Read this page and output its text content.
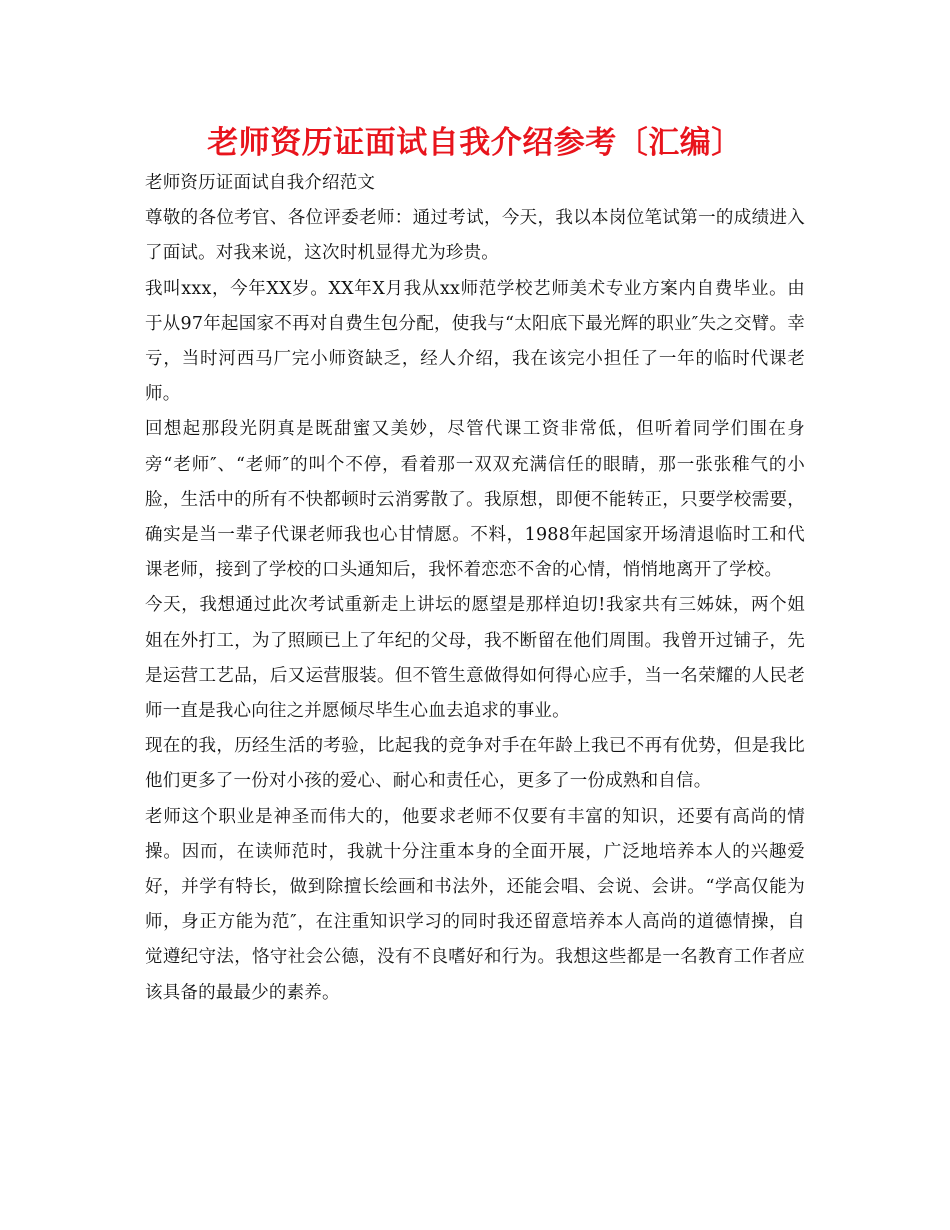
老师资历证面试自我介绍参考〔汇编〕

老师资历证面试自我介绍范文

尊敬的各位考官、各位评委老师：通过考试，今天，我以本岗位笔试第一的成绩进入了面试。对我来说，这次时机显得尤为珍贵。

我叫xxx，今年XX岁。XX年X月我从xx师范学校艺师美术专业方案内自费毕业。由于从97年起国家不再对自费生包分配，使我与“太阳底下最光辉的职业″失之交臂。幸亏，当时河西马厂完小师资缺乏，经人介绍，我在该完小担任了一年的临时代课老师。

回想起那段光阴真是既甜蜜又美妙，尽管代课工资非常低，但听着同学们围在身旁“老师″、“老师″的叫个不停，看着那一双双充满信任的眼睛，那一张张稚气的小脸，生活中的所有不快都顿时云消雾散了。我原想，即便不能转正，只要学校需要，确实是当一辈子代课老师我也心甘情愿。不料，1988年起国家开场清退临时工和代课老师，接到了学校的口头通知后，我怀着恋恋不舍的心情，悄悄地离开了学校。

今天，我想通过此次考试重新走上讲坛的愿望是那样迫切!我家共有三姊妹，两个姐姐在外打工，为了照顾已上了年纪的父母，我不断留在他们周围。我曾开过铺子，先是运营工艺品，后又运营服装。但不管生意做得如何得心应手，当一名荣耀的人民老师一直是我心向往之并愿倾尽毕生心血去追求的事业。

现在的我，历经生活的考验，比起我的竞争对手在年龄上我已不再有优势，但是我比他们更多了一份对小孩的爱心、耐心和责任心，更多了一份成熟和自信。

老师这个职业是神圣而伟大的，他要求老师不仅要有丰富的知识，还要有高尚的情操。因而，在读师范时，我就十分注重本身的全面开展，广泛地培养本人的兴趣爱好，并学有特长，做到除擅长绘画和书法外，还能会唱、会说、会讲。“学高仅能为师，身正方能为范″，在注重知识学习的同时我还留意培养本人高尚的道德情操，自觉遵纪守法，恪守社会公德，没有不良嗜好和行为。我想这些都是一名教育工作者应该具备的最最少的素养。
